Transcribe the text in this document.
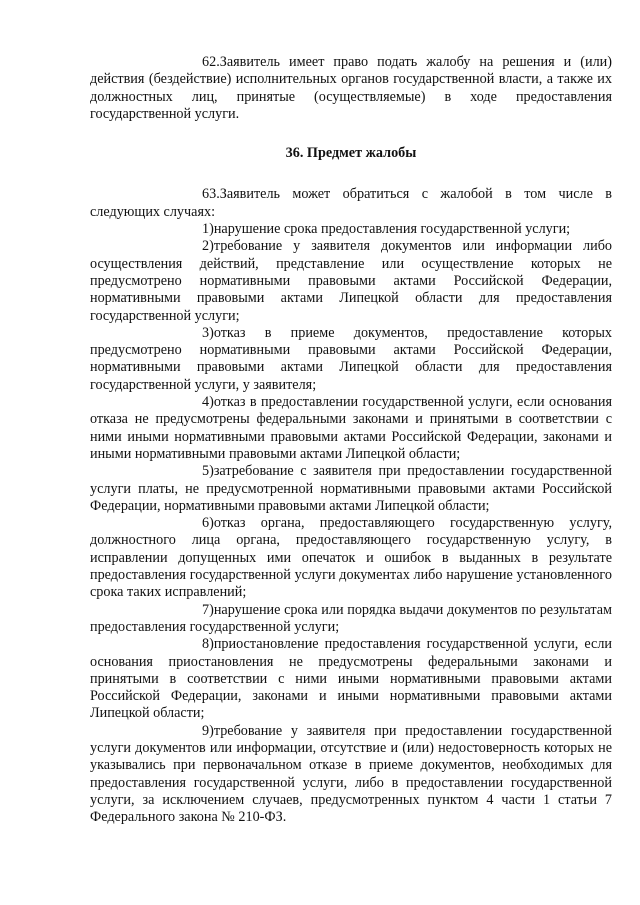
62.Заявитель имеет право подать жалобу на решения и (или) действия (бездействие) исполнительных органов государственной власти, а также их должностных лиц, принятые (осуществляемые) в ходе предоставления государственной услуги.

36. Предмет жалобы

63.Заявитель может обратиться с жалобой в том числе в следующих случаях:

1)нарушение срока предоставления государственной услуги;

2)требование у заявителя документов или информации либо осуществления действий, представление или осуществление которых не предусмотрено нормативными правовыми актами Российской Федерации, нормативными правовыми актами Липецкой области для предоставления государственной услуги;

3)отказ в приеме документов, предоставление которых предусмотрено нормативными правовыми актами Российской Федерации, нормативными правовыми актами Липецкой области для предоставления государственной услуги, у заявителя;

4)отказ в предоставлении государственной услуги, если основания отказа не предусмотрены федеральными законами и принятыми в соответствии с ними иными нормативными правовыми актами Российской Федерации, законами и иными нормативными правовыми актами Липецкой области;

5)затребование с заявителя при предоставлении государственной услуги платы, не предусмотренной нормативными правовыми актами Российской Федерации, нормативными правовыми актами Липецкой области;

6)отказ органа, предоставляющего государственную услугу, должностного лица органа, предоставляющего государственную услугу, в исправлении допущенных ими опечаток и ошибок в выданных в результате предоставления государственной услуги документах либо нарушение установленного срока таких исправлений;

7)нарушение срока или порядка выдачи документов по результатам предоставления государственной услуги;

8)приостановление предоставления государственной услуги, если основания приостановления не предусмотрены федеральными законами и принятыми в соответствии с ними иными нормативными правовыми актами Российской Федерации, законами и иными нормативными правовыми актами Липецкой области;

9)требование у заявителя при предоставлении государственной услуги документов или информации, отсутствие и (или) недостоверность которых не указывались при первоначальном отказе в приеме документов, необходимых для предоставления государственной услуги, либо в предоставлении государственной услуги, за исключением случаев, предусмотренных пунктом 4 части 1 статьи 7 Федерального закона № 210-ФЗ.
